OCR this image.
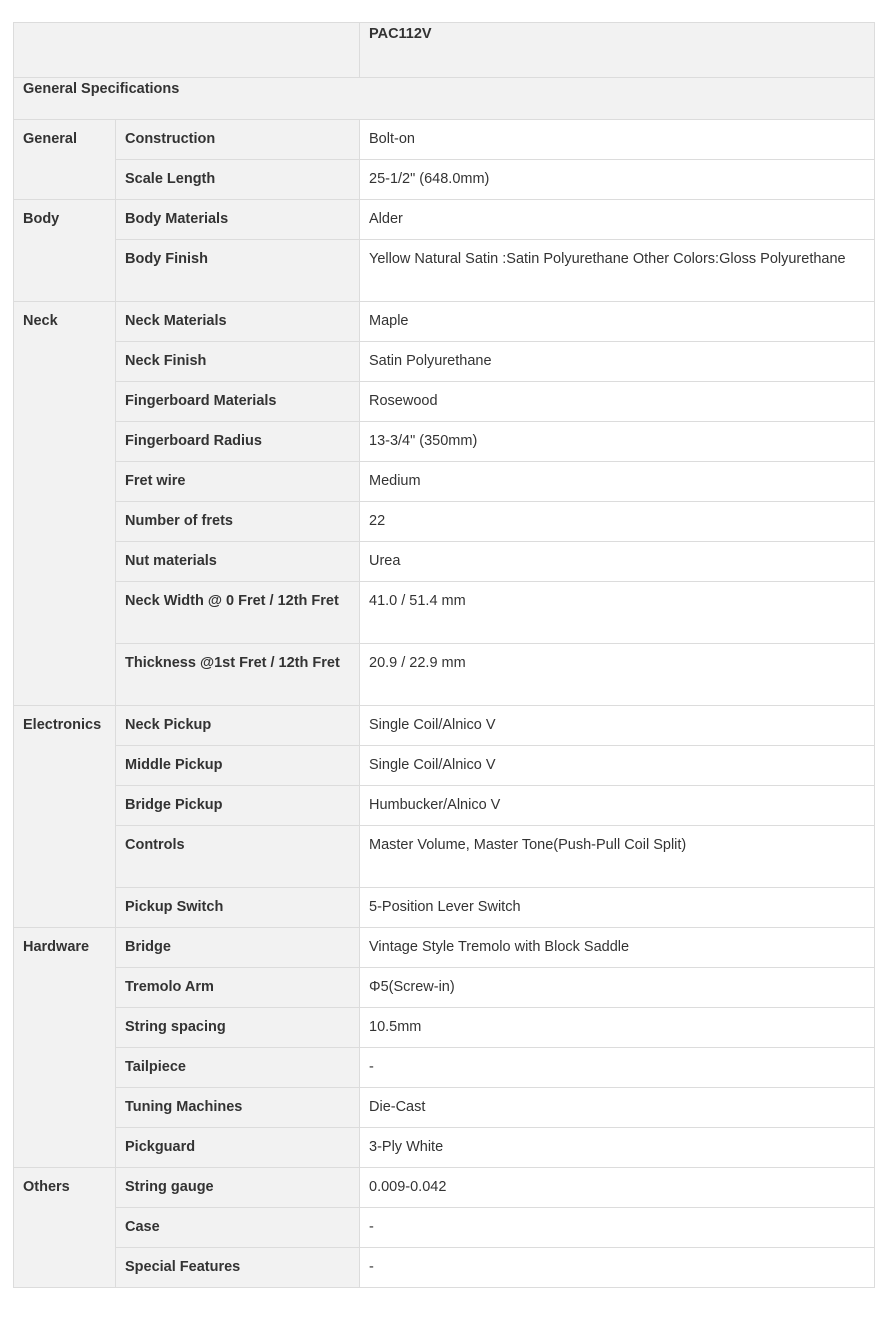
		PAC112V
General Specifications		
General	Construction	Bolt-on
	Scale Length	25-1/2" (648.0mm)
Body	Body Materials	Alder
	Body Finish	Yellow Natural Satin :Satin Polyurethane Other Colors:Gloss Polyurethane
Neck	Neck Materials	Maple
	Neck Finish	Satin Polyurethane
	Fingerboard Materials	Rosewood
	Fingerboard Radius	13-3/4" (350mm)
	Fret wire	Medium
	Number of frets	22
	Nut materials	Urea
	Neck Width @ 0 Fret / 12th Fret	41.0 / 51.4 mm
	Thickness @1st Fret / 12th Fret	20.9 / 22.9 mm
Electronics	Neck Pickup	Single Coil/Alnico V
	Middle Pickup	Single Coil/Alnico V
	Bridge Pickup	Humbucker/Alnico V
	Controls	Master Volume, Master Tone(Push-Pull Coil Split)
	Pickup Switch	5-Position Lever Switch
Hardware	Bridge	Vintage Style Tremolo with Block Saddle
	Tremolo Arm	Φ5(Screw-in)
	String spacing	10.5mm
	Tailpiece	-
	Tuning Machines	Die-Cast
	Pickguard	3-Ply White
Others	String gauge	0.009-0.042
	Case	-
	Special Features	-
